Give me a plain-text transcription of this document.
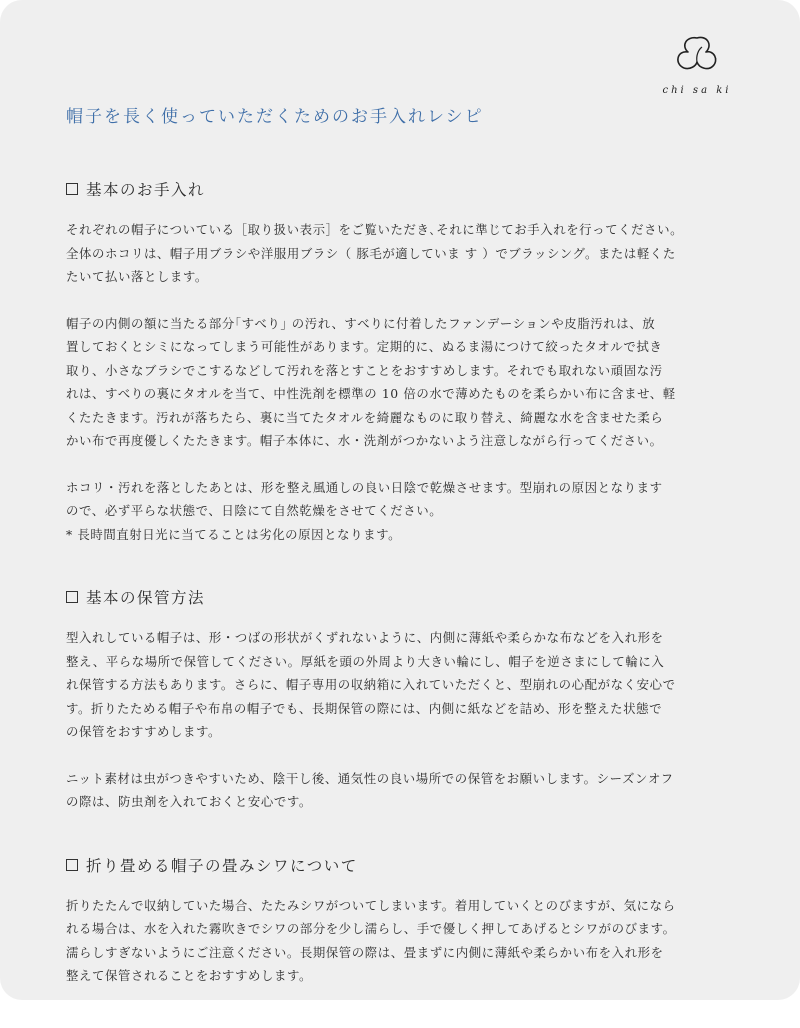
chi sa ki
帽子を長く使っていただくためのお手入れレシピ
基本のお手入れ
それぞれの帽子についている［取り扱い表示］をご覧いただき､それに準じてお手入れを行ってください。
全体のホコリは、帽子用ブラシや洋服用ブラシ（ 豚毛が適していま す ）でブラッシング。または軽くた
たいて払い落とします。
帽子の内側の額に当たる部分｢すべり｣ の汚れ、すべりに付着したファンデーションや皮脂汚れは、放
置しておくとシミになってしまう可能性があります。定期的に、ぬるま湯につけて絞ったタオルで拭き
取り、小さなブラシでこするなどして汚れを落とすことをおすすめします。それでも取れない頑固な汚
れは、すべりの裏にタオルを当て、中性洗剤を標準の 10 倍の水で薄めたものを柔らかい布に含ませ、軽
くたたきます。汚れが落ちたら、裏に当てたタオルを綺麗なものに取り替え、綺麗な水を含ませた柔ら
かい布で再度優しくたたきます。帽子本体に、水・洗剤がつかないよう注意しながら行ってください。
ホコリ・汚れを落としたあとは、形を整え風通しの良い日陰で乾燥させます。型崩れの原因となります
ので、必ず平らな状態で、日陰にて自然乾燥をさせてください。
* 長時間直射日光に当てることは劣化の原因となります。
基本の保管方法
型入れしている帽子は、形・つばの形状がくずれないように、内側に薄紙や柔らかな布などを入れ形を
整え、平らな場所で保管してください。厚紙を頭の外周より大きい輪にし、帽子を逆さまにして輪に入
れ保管する方法もあります。さらに、帽子専用の収納箱に入れていただくと、型崩れの心配がなく安心で
す。折りたためる帽子や布帛の帽子でも、長期保管の際には、内側に紙などを詰め、形を整えた状態で
の保管をおすすめします。
ニット素材は虫がつきやすいため、陰干し後、通気性の良い場所での保管をお願いします。シーズンオフ
の際は、防虫剤を入れておくと安心です。
折り畳める帽子の畳みシワについて
折りたたんで収納していた場合、たたみシワがついてしまいます。着用していくとのびますが、気になら
れる場合は、水を入れた霧吹きでシワの部分を少し濡らし、手で優しく押してあげるとシワがのびます。
濡らしすぎないようにご注意ください。長期保管の際は、畳まずに内側に薄紙や柔らかい布を入れ形を
整えて保管されることをおすすめします。
